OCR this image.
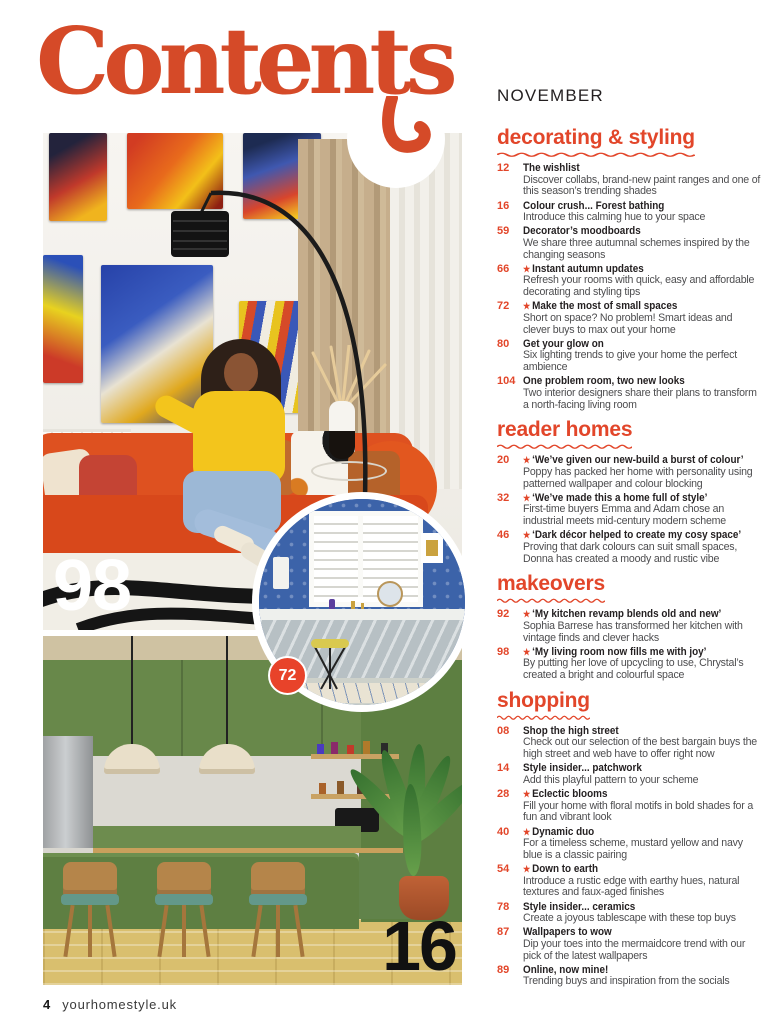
98
16
72
Contents	NOVEMBER
decorating & styling
12	The wishlist
Discover collabs, brand-new paint ranges and one of this season’s trending shades
16	Colour crush... Forest bathing
Introduce this calming hue to your space
59	Decorator’s moodboards
We share three autumnal schemes inspired by the changing seasons
66	★ Instant autumn updates
Refresh your rooms with quick, easy and affordable decorating and styling tips
72	★ Make the most of small spaces
Short on space? No problem! Smart ideas and clever buys to max out your home
80	Get your glow on
Six lighting trends to give your home the perfect ambience
104 One problem room, two new looks
Two interior designers share their plans to transform a north-facing living room
reader homes
20	★ ‘We’ve given our new-build a burst of colour’
Poppy has packed her home with personality using patterned wallpaper and colour blocking
32	★ ‘We’ve made this a home full of style’
First-time buyers Emma and Adam chose an industrial meets mid-century modern scheme
46	★ ‘Dark décor helped to create my cosy space’
Proving that dark colours can suit small spaces, Donna has created a moody and rustic vibe
makeovers
92	★ ‘My kitchen revamp blends old and new’
Sophia Barrese has transformed her kitchen with vintage finds and clever hacks
98	★ ‘My living room now fills me with joy’
By putting her love of upcycling to use, Chrystal’s created a bright and colourful space
shopping
08	Shop the high street
Check out our selection of the best bargain buys the high street and web have to offer right now
14	Style insider... patchwork
Add this playful pattern to your scheme
28	★ Eclectic blooms
Fill your home with floral motifs in bold shades for a fun and vibrant look
40	★ Dynamic duo
For a timeless scheme, mustard yellow and navy blue is a classic pairing
54	★ Down to earth
Introduce a rustic edge with earthy hues, natural textures and faux-aged finishes
78	Style insider... ceramics
Create a joyous tablescape with these top buys
87	Wallpapers to wow
Dip your toes into the mermaidcore trend with our pick of the latest wallpapers
89	Online, now mine!
Trending buys and inspiration from the socials
4 yourhomestyle.uk
